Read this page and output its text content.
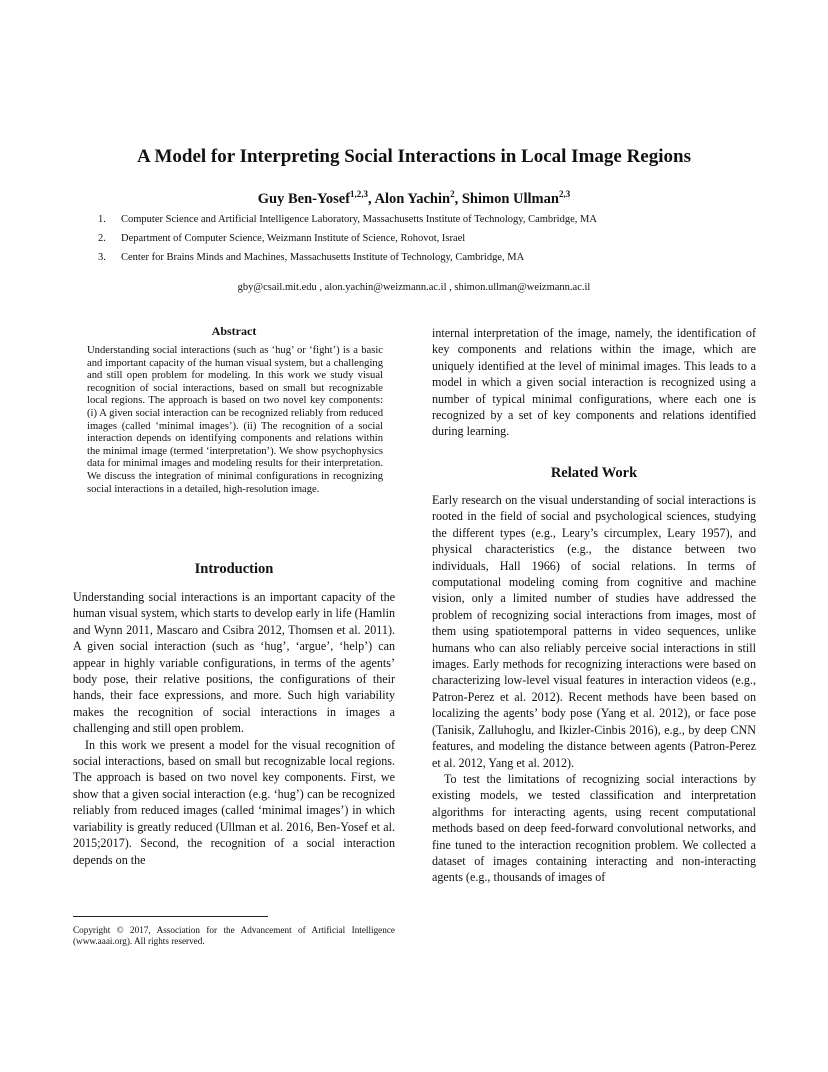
A Model for Interpreting Social Interactions in Local Image Regions
Guy Ben-Yosef$^{1,2,3}$, Alon Yachin$^2$, Shimon Ullman$^{2,3}$
1.	Computer Science and Artificial Intelligence Laboratory, Massachusetts Institute of Technology, Cambridge, MA
2.	Department of Computer Science, Weizmann Institute of Science, Rohovot, Israel
3.	Center for Brains Minds and Machines, Massachusetts Institute of Technology, Cambridge, MA
gby@csail.mit.edu , alon.yachin@weizmann.ac.il , shimon.ullman@weizmann.ac.il
Abstract
Understanding social interactions (such as ‘hug’ or ‘fight’) is a basic and important capacity of the human visual system, but a challenging and still open problem for modeling. In this work we study visual recognition of social interactions, based on small but recognizable local regions. The approach is based on two novel key components: (i) A given social interaction can be recognized reliably from reduced images (called ‘minimal images’). (ii) The recognition of a social interaction depends on identifying components and relations within the minimal image (termed ‘interpretation’). We show psychophysics data for minimal images and modeling results for their interpretation. We discuss the integration of minimal configurations in recognizing social interactions in a detailed, high-resolution image.
Introduction

Understanding social interactions is an important capacity of the human visual system, which starts to develop early in life (Hamlin and Wynn 2011, Mascaro and Csibra 2012, Thomsen et al. 2011). A given social interaction (such as ‘hug’, ‘argue’, ‘help’) can appear in highly variable configurations, in terms of the agents’ body pose, their relative positions, the configurations of their hands, their face expressions, and more. Such high variability makes the recognition of social interactions in images a challenging and still open problem.

In this work we present a model for the visual recognition of social interactions, based on small but recognizable local regions. The approach is based on two novel key components. First, we show that a given social interaction (e.g. ‘hug’) can be recognized reliably from reduced images (called ‘minimal images’) in which variability is greatly reduced (Ullman et al. 2016, Ben-Yosef et al. 2015;2017). Second, the recognition of a social interaction depends on the

internal interpretation of the image, namely, the identification of key components and relations within the image, which are uniquely identified at the level of minimal images. This leads to a model in which a given social interaction is recognized using a number of typical minimal configurations, where each one is recognized by a set of key components and relations identified during learning.

Related Work

Early research on the visual understanding of social interactions is rooted in the field of social and psychological sciences, studying the different types (e.g., Leary’s circumplex, Leary 1957), and physical characteristics (e.g., the distance between two individuals, Hall 1966) of social relations. In terms of computational modeling coming from cognitive and machine vision, only a limited number of studies have addressed the problem of recognizing social interactions from images, most of them using spatiotemporal patterns in video sequences, unlike humans who can also reliably perceive social interactions in still images. Early methods for recognizing interactions were based on characterizing low-level visual features in interaction videos (e.g., Patron-Perez et al. 2012). Recent methods have been based on localizing the agents’ body pose (Yang et al. 2012), or face pose (Tanisik, Zalluhoglu, and Ikizler-Cinbis 2016), e.g., by deep CNN features, and modeling the distance between agents (Patron-Perez et al. 2012, Yang et al. 2012).

To test the limitations of recognizing social interactions by existing models, we tested classification and interpretation algorithms for interacting agents, using recent computational methods based on deep feed-forward convolutional networks, and fine tuned to the interaction recognition problem. We collected a dataset of images containing interacting and non-interacting agents (e.g., thousands of images of

Copyright © 2017, Association for the Advancement of Artificial Intelligence (www.aaai.org). All rights reserved.
